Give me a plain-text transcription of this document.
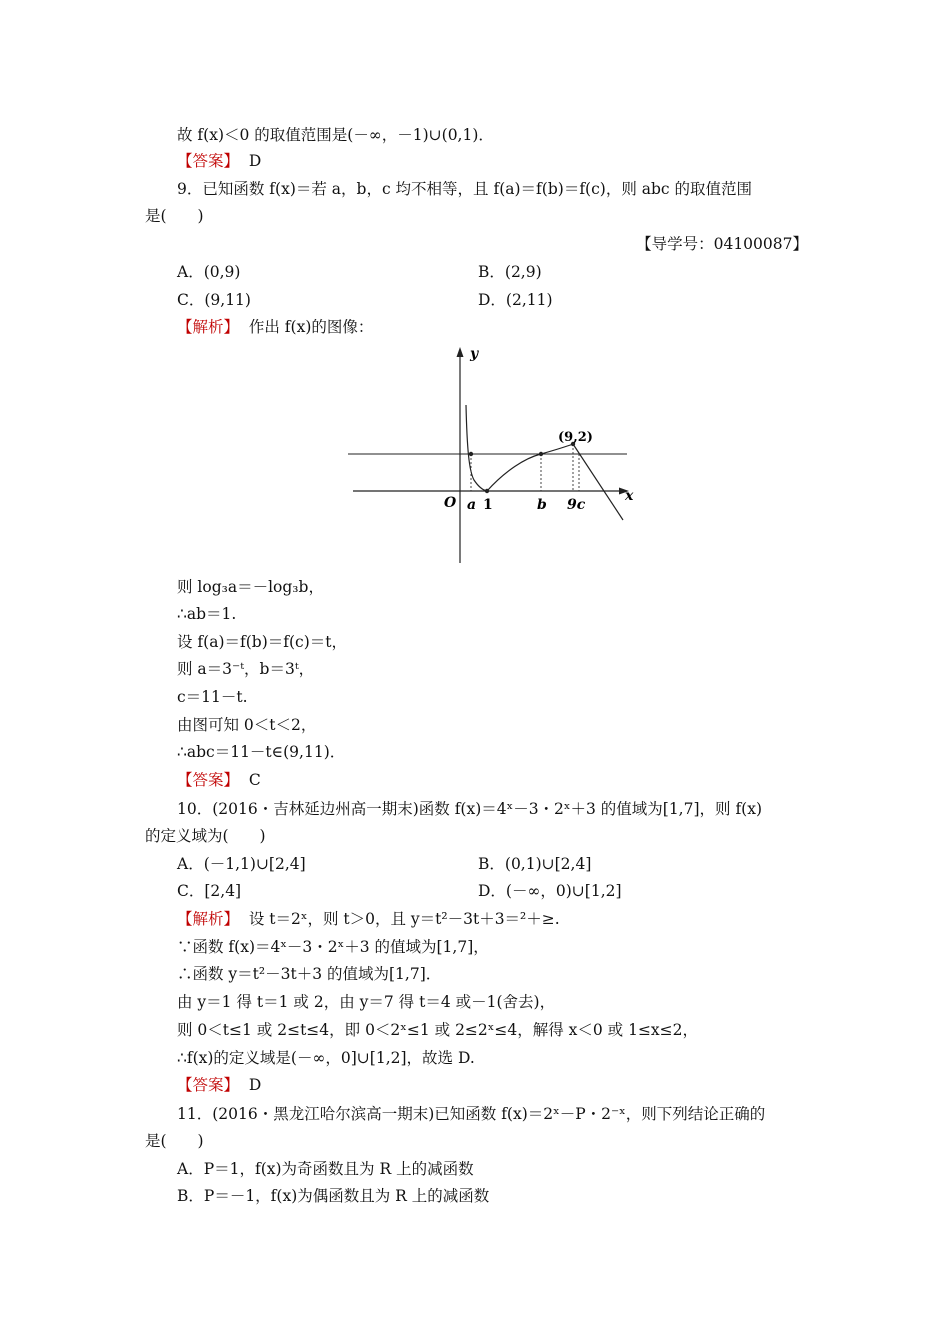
故 f(x)＜0 的取值范围是(－∞，－1)∪(0,1)．
【答案】 D
9．已知函数 f(x)＝若 a，b，c 均不相等，且 f(a)＝f(b)＝f(c)，则 abc 的取值范围
是(　　)
【导学号：04100087】
A．(0,9)	B．(2,9)
C．(9,11)	D．(2,11)
【解析】 作出 f(x)的图像：
y
x
O
(9,2)
a 1	b 9c
则 log₃a＝－log₃b，
∴ab＝1.
设 f(a)＝f(b)＝f(c)＝t，
则 a＝3⁻ᵗ，b＝3ᵗ，
c＝11－t.
由图可知 0＜t＜2，
∴abc＝11－t∈(9,11)．
【答案】 C
10．(2016・吉林延边州高一期末)函数 f(x)＝4ˣ－3・2ˣ＋3 的值域为[1,7]，则 f(x)
的定义域为(　　)
A．(－1,1)∪[2,4]	B．(0,1)∪[2,4]
C．[2,4]	D．(－∞，0)∪[1,2]
【解析】 设 t＝2ˣ，则 t＞0，且 y＝t²－3t＋3＝²＋≥.
∵函数 f(x)＝4ˣ－3・2ˣ＋3 的值域为[1,7]，
∴函数 y＝t²－3t＋3 的值域为[1,7]．
由 y＝1 得 t＝1 或 2，由 y＝7 得 t＝4 或－1(舍去)，
则 0＜t≤1 或 2≤t≤4，即 0＜2ˣ≤1 或 2≤2ˣ≤4，解得 x＜0 或 1≤x≤2，
∴f(x)的定义域是(－∞，0]∪[1,2]，故选 D.
【答案】 D
11．(2016・黑龙江哈尔滨高一期末)已知函数 f(x)＝2ˣ－P・2⁻ˣ，则下列结论正确的
是(　　)
A．P＝1，f(x)为奇函数且为 R 上的减函数
B．P＝－1，f(x)为偶函数且为 R 上的减函数
